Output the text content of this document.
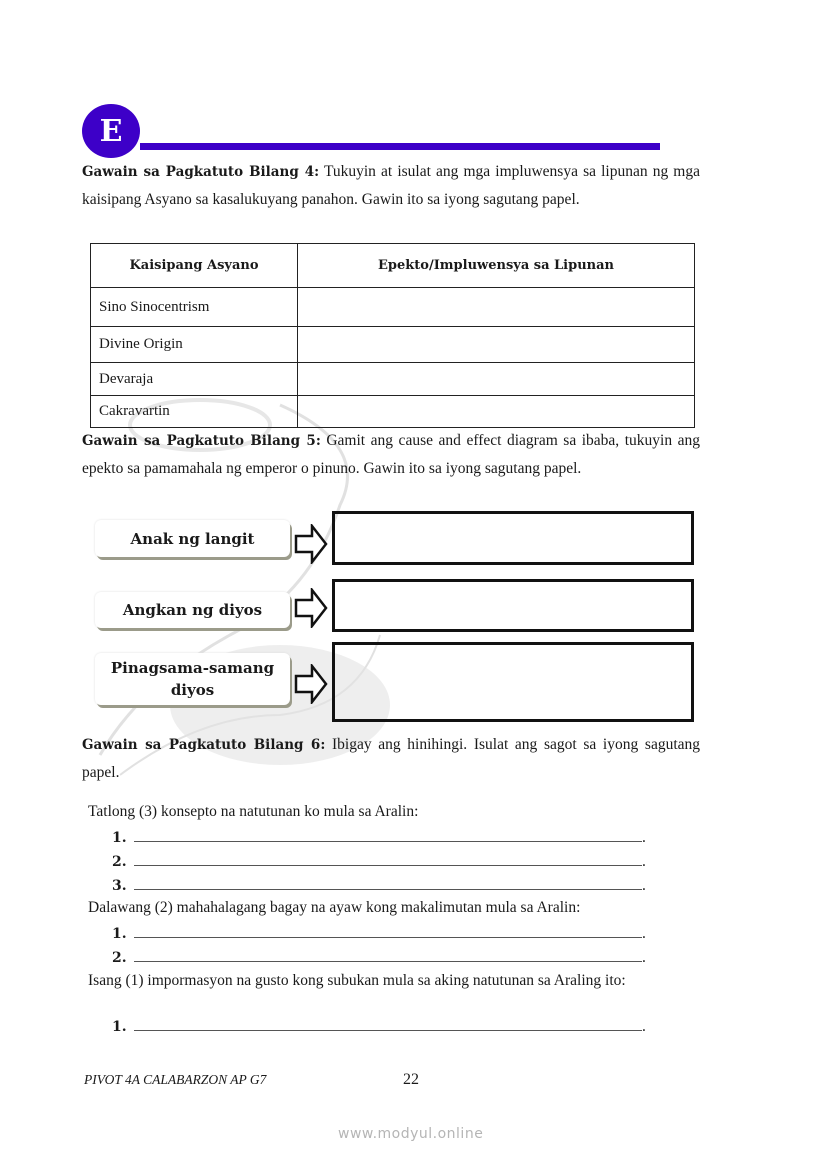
E
Gawain sa Pagkatuto Bilang 4: Tukuyin at isulat ang mga impluwensya sa lipunan ng mga kaisipang Asyano sa kasalukuyang panahon. Gawin ito sa iyong sagutang papel.
Kaisipang Asyano	Epekto/Impluwensya sa Lipunan
Sino Sinocentrism	
Divine Origin	
Devaraja	
Cakravartin	
Gawain sa Pagkatuto Bilang 5: Gamit ang cause and effect diagram sa ibaba, tukuyin ang epekto sa pamamahala ng emperor o pinuno. Gawin ito sa iyong sagutang papel.
Anak ng langit
Angkan ng diyos
Pinagsama-samang diyos
Gawain sa Pagkatuto Bilang 6: Ibigay ang hinihingi. Isulat ang sagot sa iyong sagutang papel.
Tatlong (3) konsepto na natutunan ko mula sa Aralin:
1.	.
2.	.
3.	.
Dalawang (2) mahahalagang bagay na ayaw kong makalimutan mula sa Aralin:
1.	.
2.	.
Isang (1) impormasyon na gusto kong subukan mula sa aking natutunan sa Araling ito:
1.	.
PIVOT 4A CALABARZON AP G7	22
www.modyul.online
